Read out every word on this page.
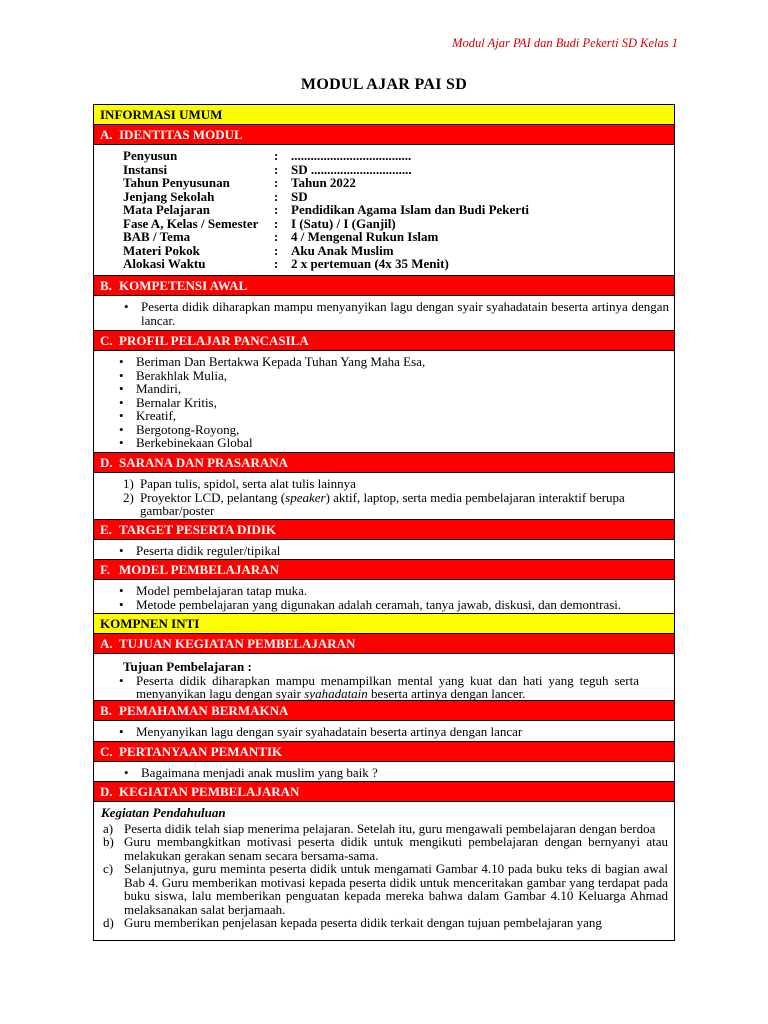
Modul Ajar PAI dan Budi Pekerti SD Kelas 1
MODUL AJAR PAI SD
INFORMASI UMUM
A. IDENTITAS MODUL
Penyusun	: .....................................
Instansi	: SD ...............................
Tahun Penyusunan	: Tahun 2022
Jenjang Sekolah	: SD
Mata Pelajaran	: Pendidikan Agama Islam dan Budi Pekerti
Fase A, Kelas / Semester	: I (Satu) / I (Ganjil)
BAB / Tema	: 4 / Mengenal Rukun Islam
Materi Pokok	: Aku Anak Muslim
Alokasi Waktu	: 2 x pertemuan (4x 35 Menit)
B. KOMPETENSI AWAL
• Peserta didik diharapkan mampu menyanyikan lagu dengan syair syahadatain beserta artinya dengan lancar.
C. PROFIL PELAJAR PANCASILA
• Beriman Dan Bertakwa Kepada Tuhan Yang Maha Esa,
• Berakhlak Mulia,
• Mandiri,
• Bernalar Kritis,
• Kreatif,
• Bergotong-Royong,
• Berkebinekaan Global
D. SARANA DAN PRASARANA
1) Papan tulis, spidol, serta alat tulis lainnya
2) Proyektor LCD, pelantang (speaker) aktif, laptop, serta media pembelajaran interaktif berupa gambar/poster
E. TARGET PESERTA DIDIK
• Peserta didik reguler/tipikal
F. MODEL PEMBELAJARAN
• Model pembelajaran tatap muka.
• Metode pembelajaran yang digunakan adalah ceramah, tanya jawab, diskusi, dan demontrasi.
KOMPNEN INTI
A. TUJUAN KEGIATAN PEMBELAJARAN
Tujuan Pembelajaran :
• Peserta didik diharapkan mampu menampilkan mental yang kuat dan hati yang teguh serta menyanyikan lagu dengan syair syahadatain beserta artinya dengan lancer.
B. PEMAHAMAN BERMAKNA
• Menyanyikan lagu dengan syair syahadatain beserta artinya dengan lancar
C. PERTANYAAN PEMANTIK
• Bagaimana menjadi anak muslim yang baik ?
D. KEGIATAN PEMBELAJARAN
Kegiatan Pendahuluan
a) Peserta didik telah siap menerima pelajaran. Setelah itu, guru mengawali pembelajaran dengan berdoa
b) Guru membangkitkan motivasi peserta didik untuk mengikuti pembelajaran dengan bernyanyi atau melakukan gerakan senam secara bersama-sama.
c) Selanjutnya, guru meminta peserta didik untuk mengamati Gambar 4.10 pada buku teks di bagian awal Bab 4. Guru memberikan motivasi kepada peserta didik untuk menceritakan gambar yang terdapat pada buku siswa, lalu memberikan penguatan kepada mereka bahwa dalam Gambar 4.10 Keluarga Ahmad melaksanakan salat berjamaah.
d) Guru memberikan penjelasan kepada peserta didik terkait dengan tujuan pembelajaran yang
